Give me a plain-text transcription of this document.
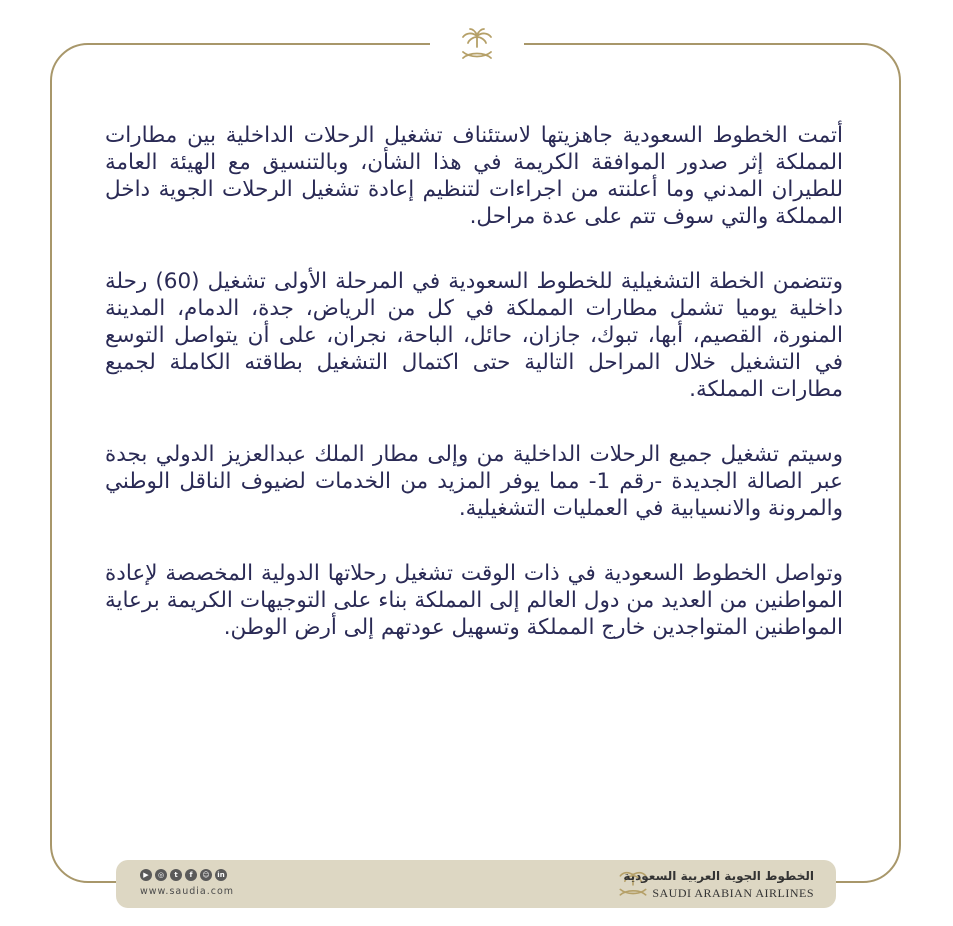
أتمت الخطوط السعودية جاهزيتها لاستئناف تشغيل الرحلات الداخلية بين مطارات المملكة إثر صدور الموافقة الكريمة في هذا الشأن، وبالتنسيق مع الهيئة العامة للطيران المدني وما أعلنته من اجراءات لتنظيم إعادة تشغيل الرحلات الجوية داخل المملكة والتي سوف تتم على عدة مراحل.

وتتضمن الخطة التشغيلية للخطوط السعودية في المرحلة الأولى تشغيل (60) رحلة داخلية يوميا تشمل مطارات المملكة في كل من الرياض، جدة، الدمام، المدينة المنورة، القصيم، أبها، تبوك، جازان، حائل، الباحة، نجران، على أن يتواصل التوسع في التشغيل خلال المراحل التالية حتى اكتمال التشغيل بطاقته الكاملة لجميع مطارات المملكة.

وسيتم تشغيل جميع الرحلات الداخلية من وإلى مطار الملك عبدالعزيز الدولي بجدة عبر الصالة الجديدة -رقم 1- مما يوفر المزيد من الخدمات لضيوف الناقل الوطني والمرونة والانسيابية في العمليات التشغيلية.

وتواصل الخطوط السعودية في ذات الوقت تشغيل رحلاتها الدولية المخصصة لإعادة المواطنين من العديد من دول العالم إلى المملكة بناء على التوجيهات الكريمة برعاية المواطنين المتواجدين خارج المملكة وتسهيل عودتهم إلى أرض الوطن.

▶	◎	t	f	☺	in
www.saudia.com
الخطوط الجوية العربية السعودية
SAUDI ARABIAN AIRLINES
